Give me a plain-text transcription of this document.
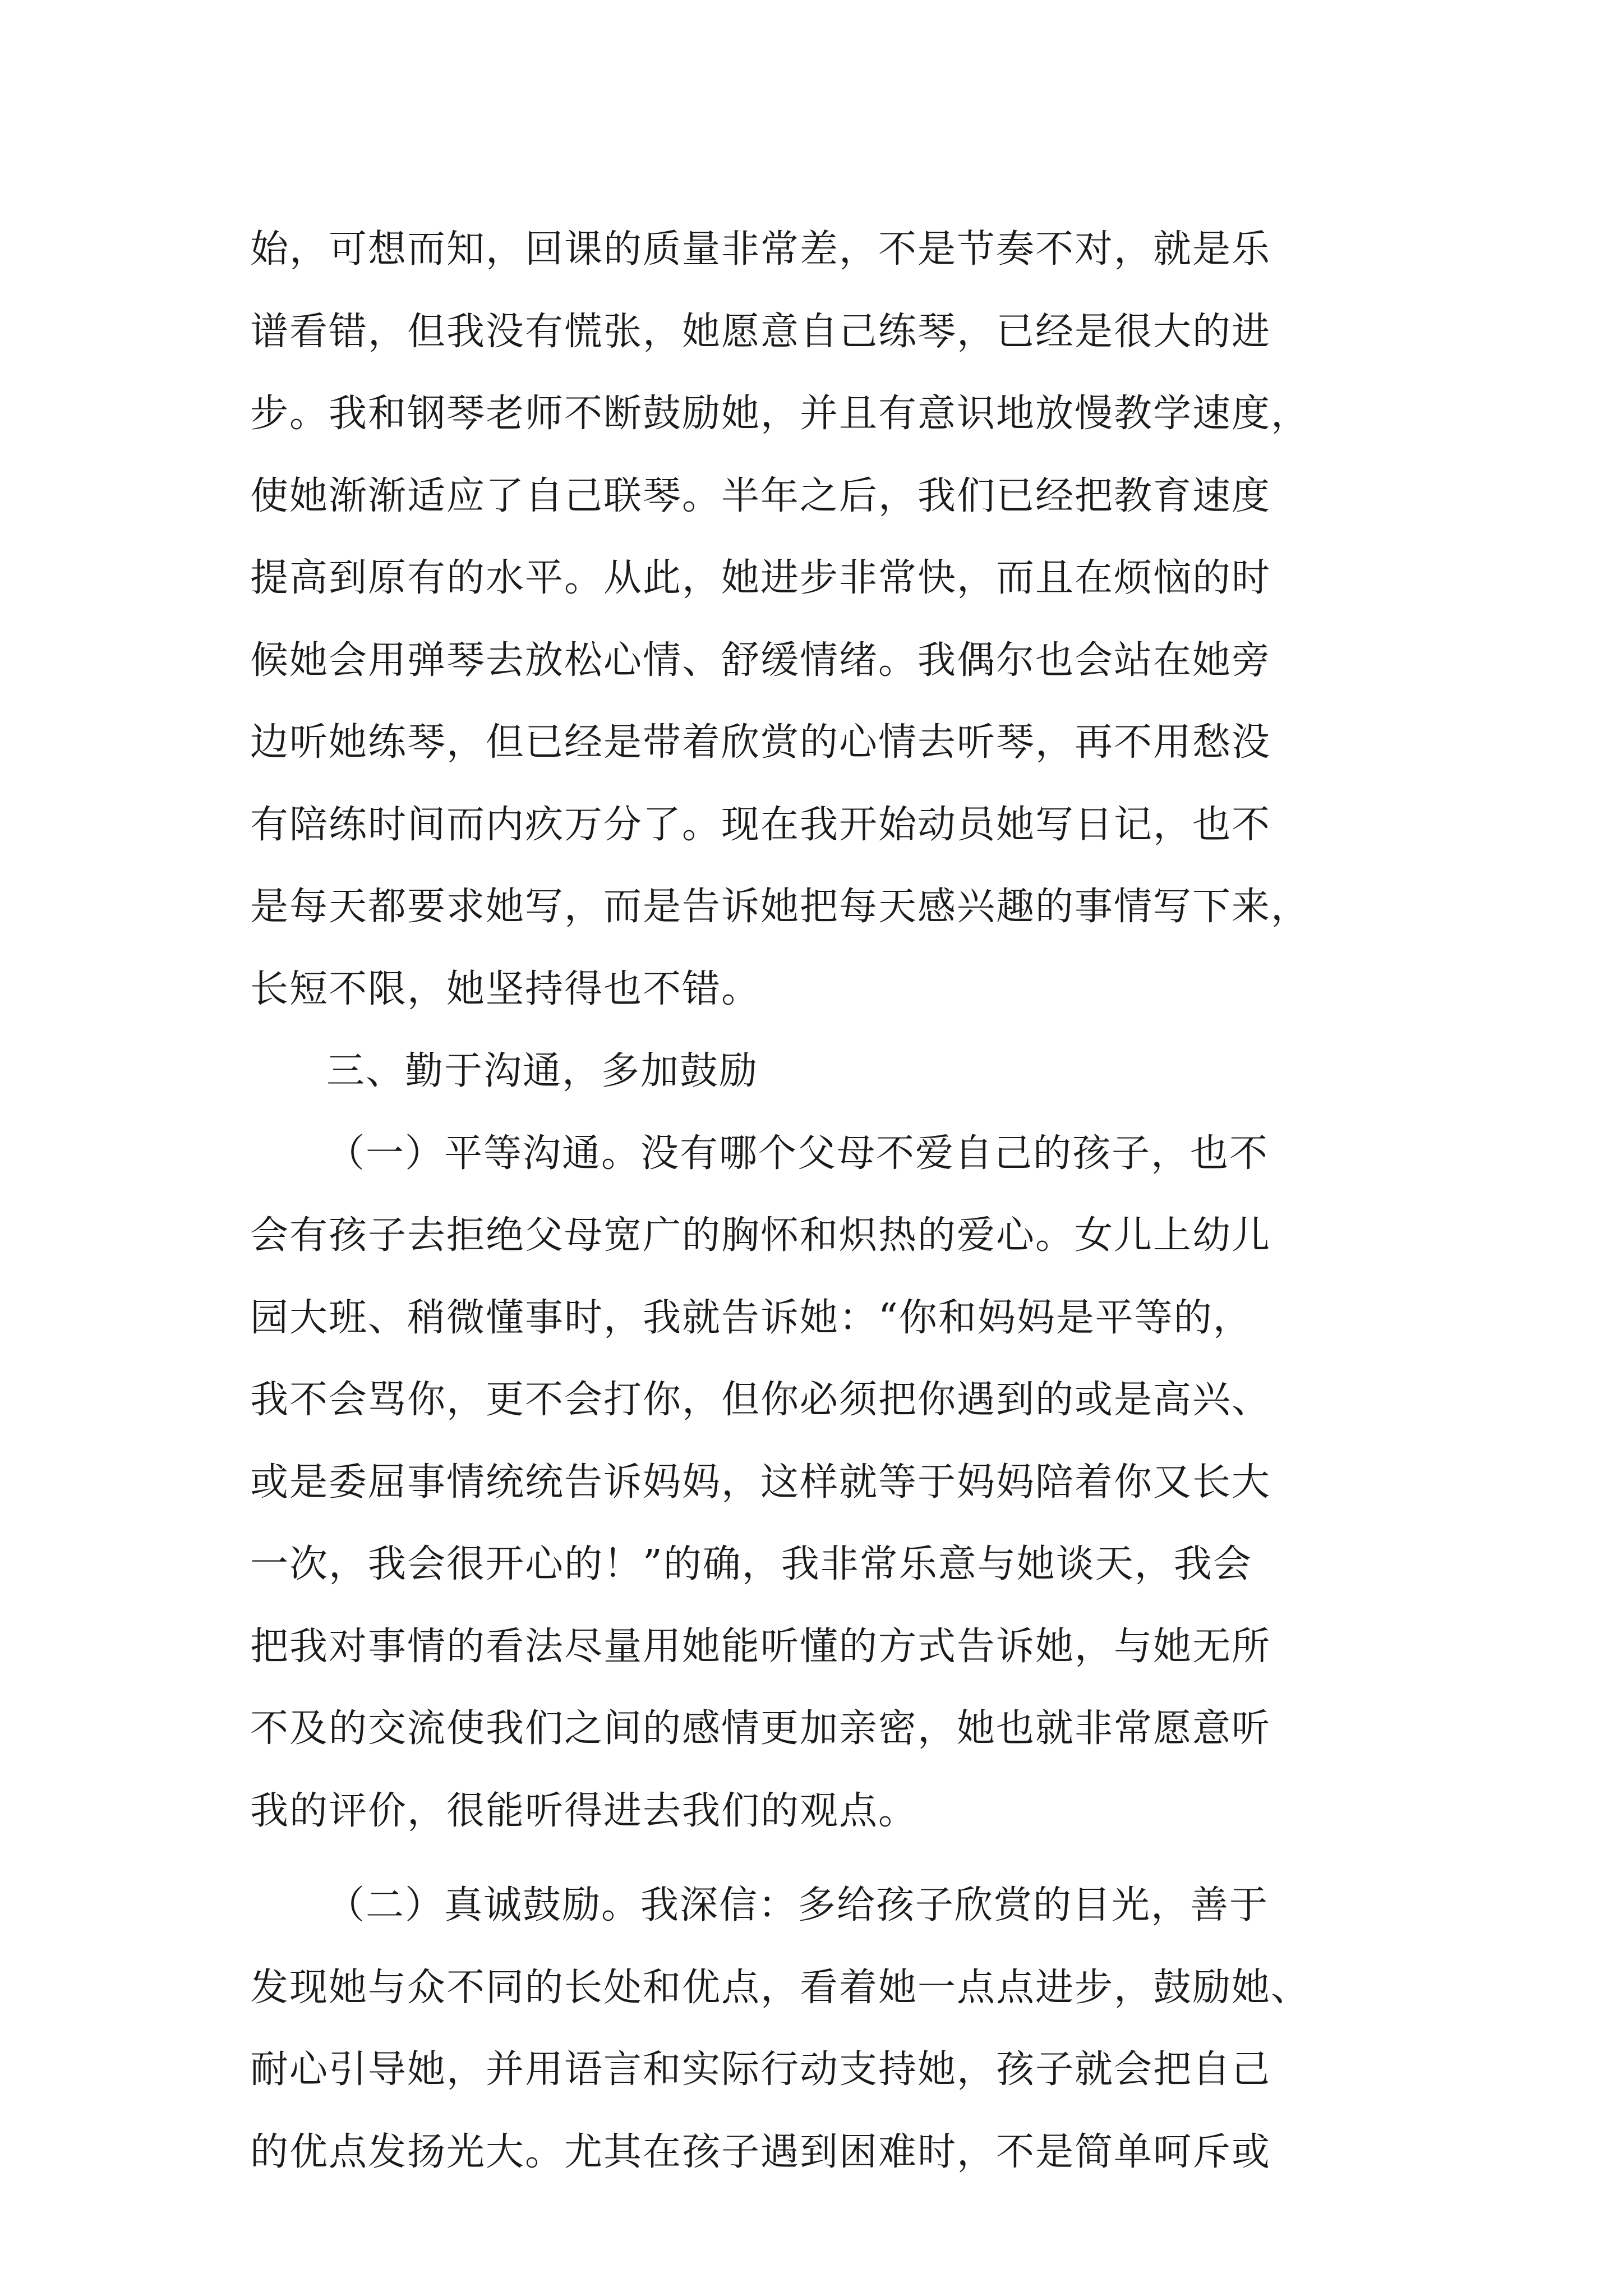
始，可想而知，回课的质量非常差，不是节奏不对，就是乐
谱看错，但我没有慌张，她愿意自己练琴，已经是很大的进
步。我和钢琴老师不断鼓励她，并且有意识地放慢教学速度，
使她渐渐适应了自己联琴。半年之后，我们已经把教育速度
提高到原有的水平。从此，她进步非常快，而且在烦恼的时
候她会用弹琴去放松心情、舒缓情绪。我偶尔也会站在她旁
边听她练琴，但已经是带着欣赏的心情去听琴，再不用愁没
有陪练时间而内疚万分了。现在我开始动员她写日记，也不
是每天都要求她写，而是告诉她把每天感兴趣的事情写下来，
长短不限，她坚持得也不错。
三、勤于沟通，多加鼓励
（一）平等沟通。没有哪个父母不爱自己的孩子，也不
会有孩子去拒绝父母宽广的胸怀和炽热的爱心。女儿上幼儿
园大班、稍微懂事时，我就告诉她：“你和妈妈是平等的，
我不会骂你，更不会打你，但你必须把你遇到的或是高兴、
或是委屈事情统统告诉妈妈，这样就等于妈妈陪着你又长大
一次，我会很开心的！”的确，我非常乐意与她谈天，我会
把我对事情的看法尽量用她能听懂的方式告诉她，与她无所
不及的交流使我们之间的感情更加亲密，她也就非常愿意听
我的评价，很能听得进去我们的观点。
（二）真诚鼓励。我深信：多给孩子欣赏的目光，善于
发现她与众不同的长处和优点，看着她一点点进步，鼓励她、
耐心引导她，并用语言和实际行动支持她，孩子就会把自己
的优点发扬光大。尤其在孩子遇到困难时，不是简单呵斥或
